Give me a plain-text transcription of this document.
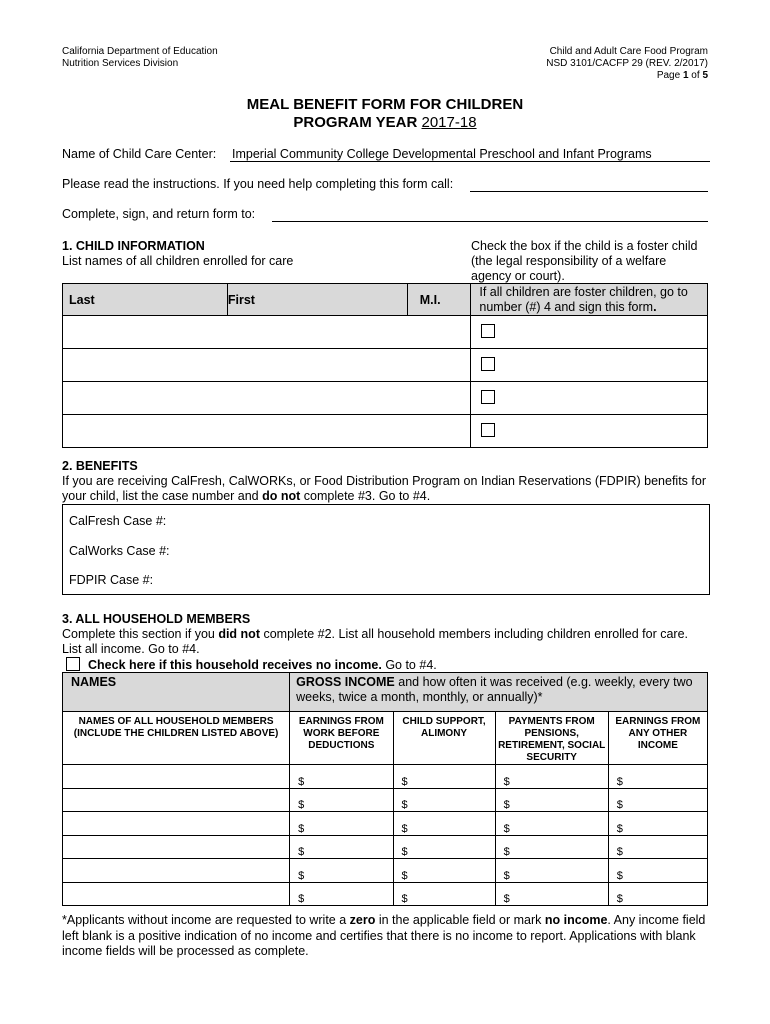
California Department of Education
Nutrition Services Division
Child and Adult Care Food Program
NSD 3101/CACFP 29 (REV. 2/2017)
Page 1 of 5
MEAL BENEFIT FORM FOR CHILDREN
PROGRAM YEAR 2017-18
Name of Child Care Center: Imperial Community College Developmental Preschool and Infant Programs
Please read the instructions. If you need help completing this form call:
Complete, sign, and return form to:
1. CHILD INFORMATION
List names of all children enrolled for care
Check the box if the child is a foster child (the legal responsibility of a welfare agency or court).
Last	First	M.I.	If all children are foster children, go to number (#) 4 and sign this form.

2. BENEFITS
If you are receiving CalFresh, CalWORKs, or Food Distribution Program on Indian Reservations (FDPIR) benefits for your child, list the case number and do not complete #3. Go to #4.
CalFresh Case #:
CalWorks Case #:
FDPIR Case #:
3. ALL HOUSEHOLD MEMBERS
Complete this section if you did not complete #2. List all household members including children enrolled for care. List all income. Go to #4.
Check here if this household receives no income. Go to #4.
NAMES	GROSS INCOME and how often it was received (e.g. weekly, every two weeks, twice a month, monthly, or annually)*			
NAMES OF ALL HOUSEHOLD MEMBERS (INCLUDE THE CHILDREN LISTED ABOVE)	EARNINGS FROM WORK BEFORE DEDUCTIONS	CHILD SUPPORT, ALIMONY	PAYMENTS FROM PENSIONS, RETIREMENT, SOCIAL SECURITY	EARNINGS FROM ANY OTHER INCOME
	$	$	$	$
	$	$	$	$
	$	$	$	$
	$	$	$	$
	$	$	$	$
	$	$	$	$
*Applicants without income are requested to write a zero in the applicable field or mark no income. Any income field left blank is a positive indication of no income and certifies that there is no income to report. Applications with blank income fields will be processed as complete.
